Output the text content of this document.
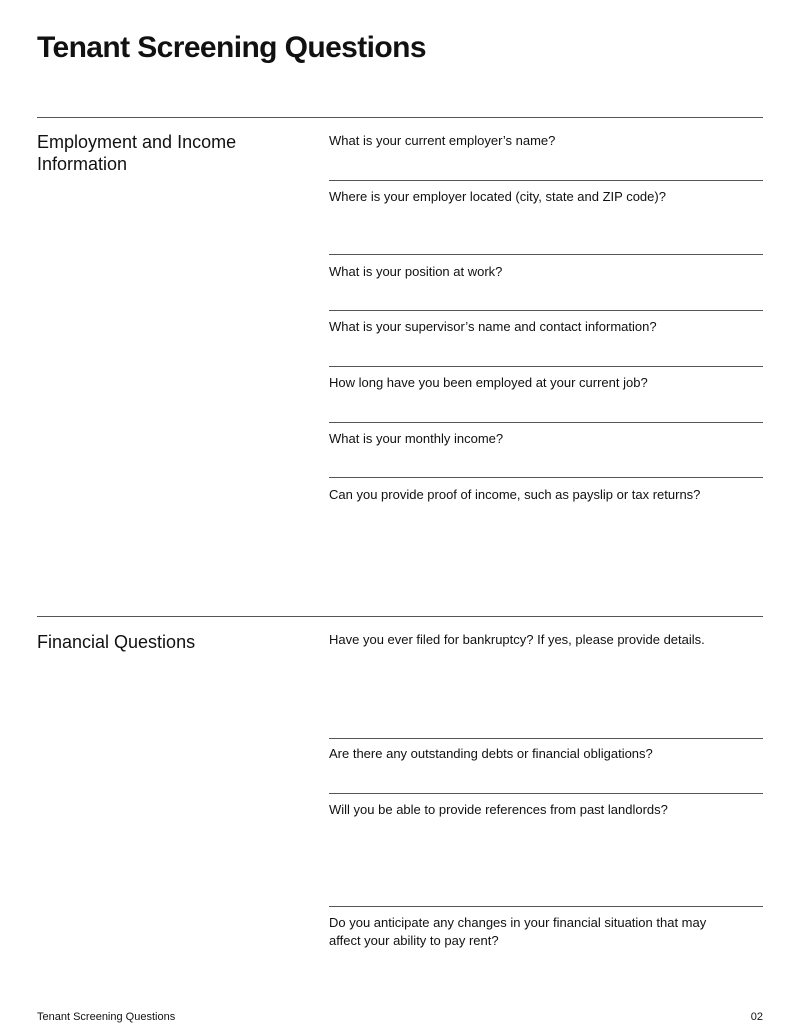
Tenant Screening Questions
Employment and Income Information
What is your current employer’s name?
Where is your employer located (city, state and ZIP code)?
What is your position at work?
What is your supervisor’s name and contact information?
How long have you been employed at your current job?
What is your monthly income?
Can you provide proof of income, such as payslip or tax returns?
Financial Questions	Have you ever filed for bankruptcy? If yes, please provide details.
Are there any outstanding debts or financial obligations?
Will you be able to provide references from past landlords?
Do you anticipate any changes in your financial situation that may affect your ability to pay rent?
Tenant Screening Questions	02
